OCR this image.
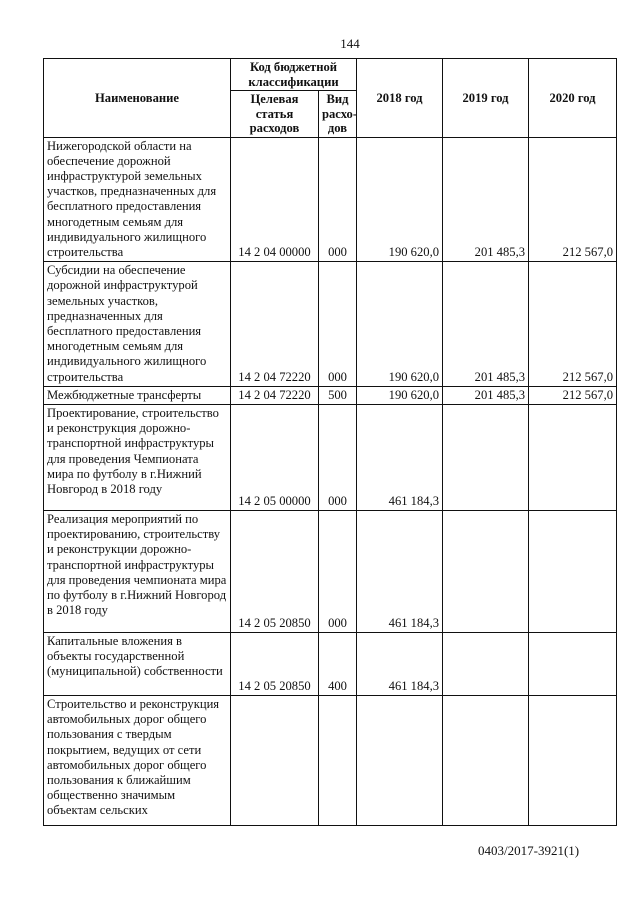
144
Наименование	Код бюджетной классификации		2018 год	2019 год	2020 год
	Целевая статья расходов	Вид расхо-дов			
Нижегородской области на обеспечение дорожной инфраструктурой земельных участков, предназначенных для бесплатного предоставления многодетным семьям для индивидуального жилищного строительства	14 2 04 00000	000	190 620,0	201 485,3	212 567,0
Субсидии на обеспечение дорожной инфраструктурой земельных участков, предназначенных для бесплатного предоставления многодетным семьям для индивидуального жилищного строительства	14 2 04 72220	000	190 620,0	201 485,3	212 567,0
Межбюджетные трансферты	14 2 04 72220	500	190 620,0	201 485,3	212 567,0
Проектирование, строительство и реконструкция дорожно-транспортной инфраструктуры для проведения Чемпионата мира по футболу в г.Нижний Новгород в 2018 году	14 2 05 00000	000	461 184,3		
Реализация мероприятий по проектированию, строительству и реконструкции дорожно-транспортной инфраструктуры для проведения чемпионата мира по футболу в г.Нижний Новгород в 2018 году	14 2 05 20850	000	461 184,3		
Капитальные вложения в объекты государственной (муниципальной) собственности	14 2 05 20850	400	461 184,3		
Строительство и реконструкция автомобильных дорог общего пользования с твердым покрытием, ведущих от сети автомобильных дорог общего пользования к ближайшим общественно значимым объектам сельских					
0403/2017-3921(1)
